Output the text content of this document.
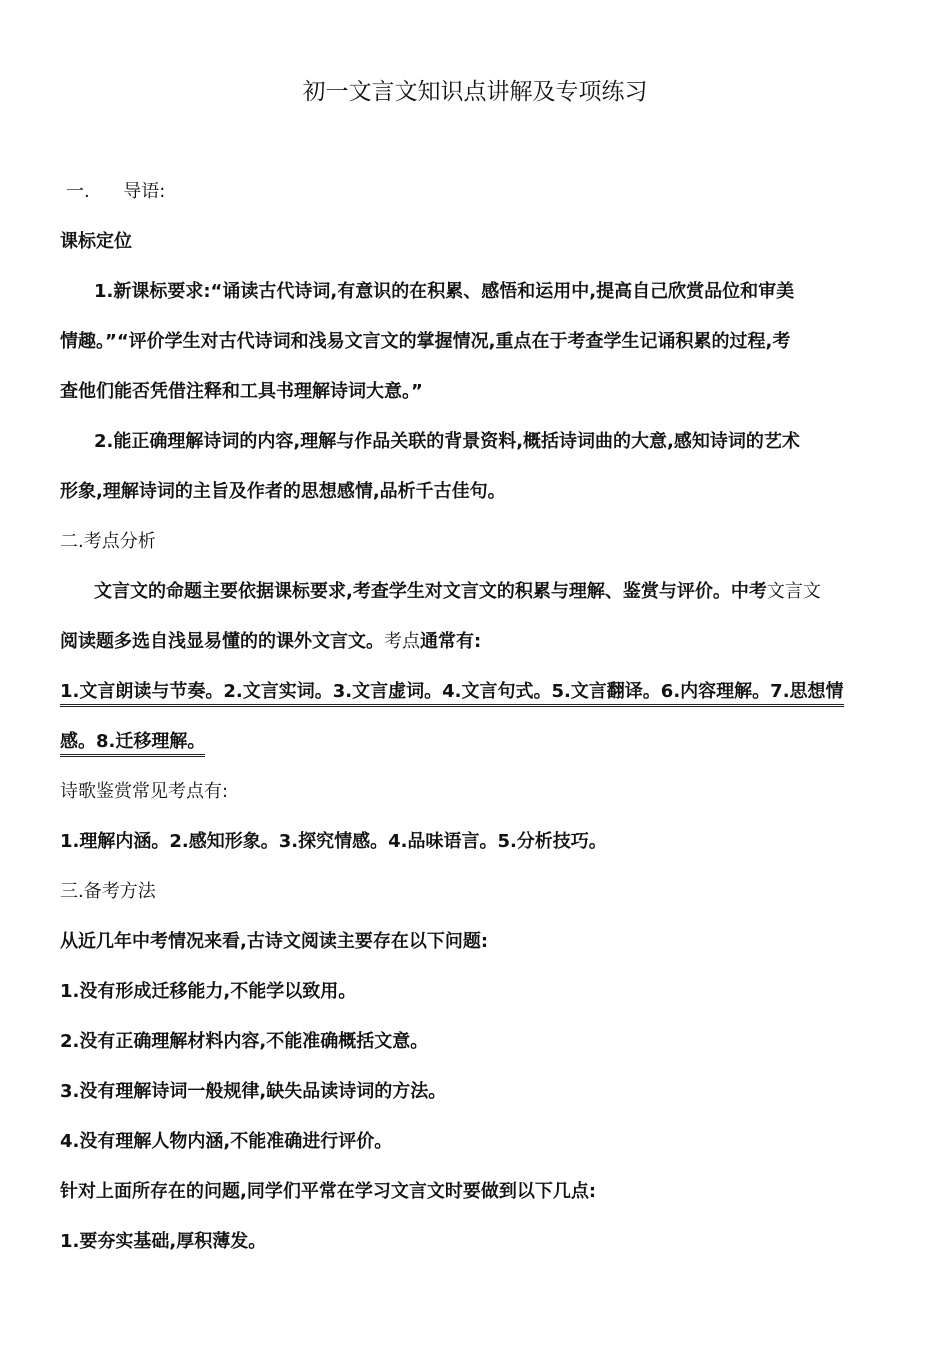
初一文言文知识点讲解及专项练习
一. 导语:
课标定位
1.新课标要求:“诵读古代诗词,有意识的在积累、感悟和运用中,提高自己欣赏品位和审美
情趣。”“评价学生对古代诗词和浅易文言文的掌握情况,重点在于考查学生记诵积累的过程,考
查他们能否凭借注释和工具书理解诗词大意。”
2.能正确理解诗词的内容,理解与作品关联的背景资料,概括诗词曲的大意,感知诗词的艺术
形象,理解诗词的主旨及作者的思想感情,品析千古佳句。
二.考点分析
文言文的命题主要依据课标要求,考查学生对文言文的积累与理解、鉴赏与评价。中考文言文
阅读题多选自浅显易懂的的课外文言文。考点通常有:
1.文言朗读与节奏。2.文言实词。3.文言虚词。4.文言句式。5.文言翻译。6.内容理解。7.思想情
感。8.迁移理解。
诗歌鉴赏常见考点有:
1.理解内涵。2.感知形象。3.探究情感。4.品味语言。5.分析技巧。
三.备考方法
从近几年中考情况来看,古诗文阅读主要存在以下问题:
1.没有形成迁移能力,不能学以致用。
2.没有正确理解材料内容,不能准确概括文意。
3.没有理解诗词一般规律,缺失品读诗词的方法。
4.没有理解人物内涵,不能准确进行评价。
针对上面所存在的问题,同学们平常在学习文言文时要做到以下几点:
1.要夯实基础,厚积薄发。
